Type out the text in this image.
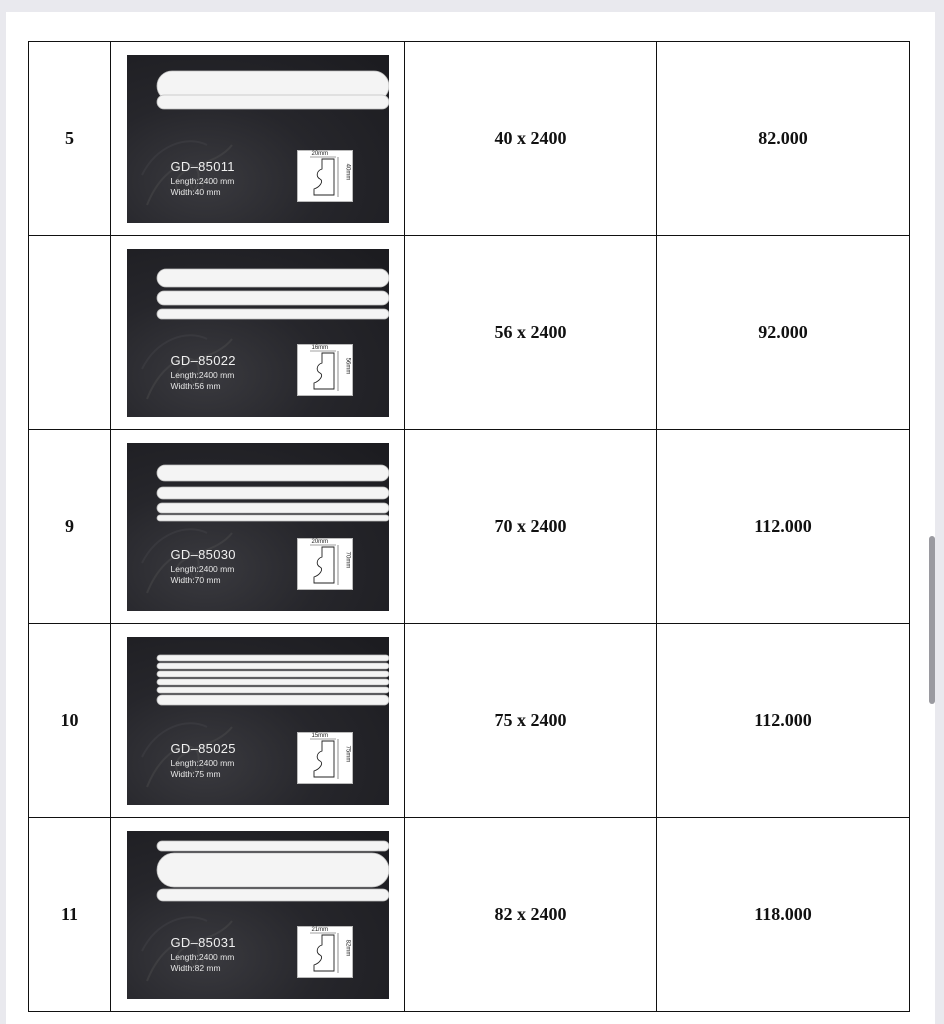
5	GD–85011
Length:2400 mm
Width:40 mm
20mm
40mm	40 x 2400	82.000

	GD–85022
Length:2400 mm
Width:56 mm
16mm
56mm	56 x 2400	92.000
9	GD–85030
Length:2400 mm
Width:70 mm
20mm
70mm	70 x 2400	112.000
10	GD–85025
Length:2400 mm
Width:75 mm
15mm
75mm	75 x 2400	112.000
11	GD–85031
Length:2400 mm
Width:82 mm
21mm
82mm	82 x 2400	118.000
